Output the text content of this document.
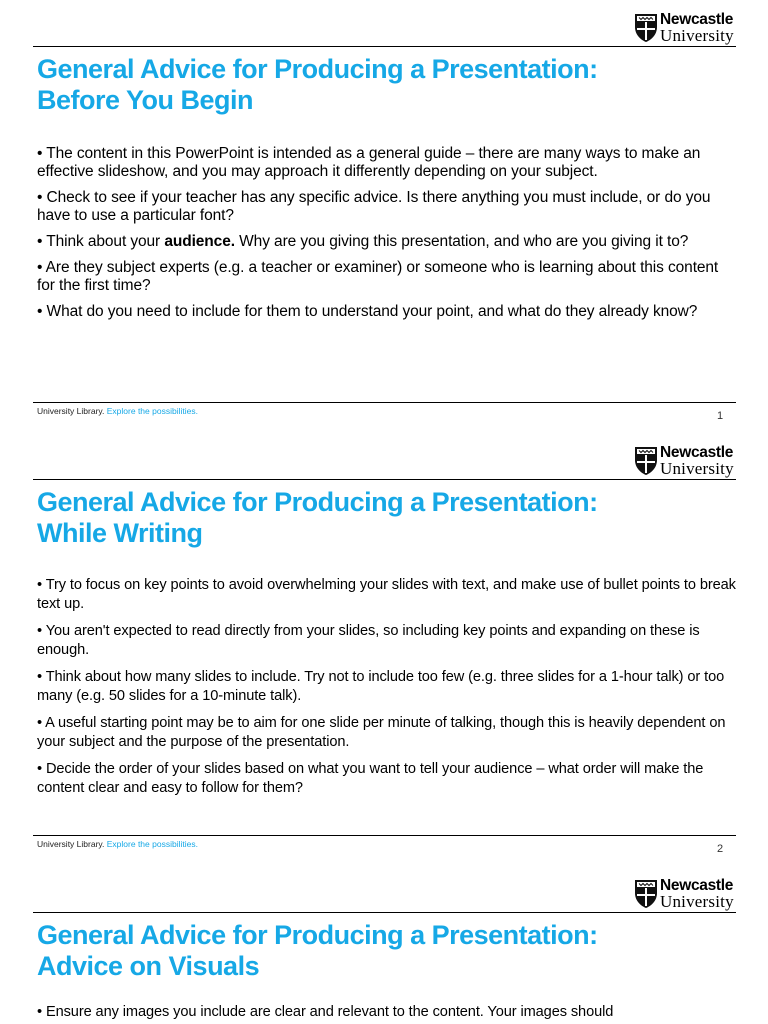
Newcastle
University
General Advice for Producing a Presentation:
Before You Begin
• The content in this PowerPoint is intended as a general guide – there are many ways to make an effective slideshow, and you may approach it differently depending on your subject.
• Check to see if your teacher has any specific advice. Is there anything you must include, or do you have to use a particular font?
• Think about your audience. Why are you giving this presentation, and who are you giving it to?
• Are they subject experts (e.g. a teacher or examiner) or someone who is learning about this content for the first time?
• What do you need to include for them to understand your point, and what do they already know?
University Library. Explore the possibilities.	1
Newcastle
University
General Advice for Producing a Presentation:
While Writing
• Try to focus on key points to avoid overwhelming your slides with text, and make use of bullet points to break text up.
• You aren't expected to read directly from your slides, so including key points and expanding on these is enough.
• Think about how many slides to include. Try not to include too few (e.g. three slides for a 1-hour talk) or too many (e.g. 50 slides for a 10-minute talk).
• A useful starting point may be to aim for one slide per minute of talking, though this is heavily dependent on your subject and the purpose of the presentation.
• Decide the order of your slides based on what you want to tell your audience – what order will make the content clear and easy to follow for them?
University Library. Explore the possibilities.	2
Newcastle
University
General Advice for Producing a Presentation:
Advice on Visuals
• Ensure any images you include are clear and relevant to the content. Your images should
